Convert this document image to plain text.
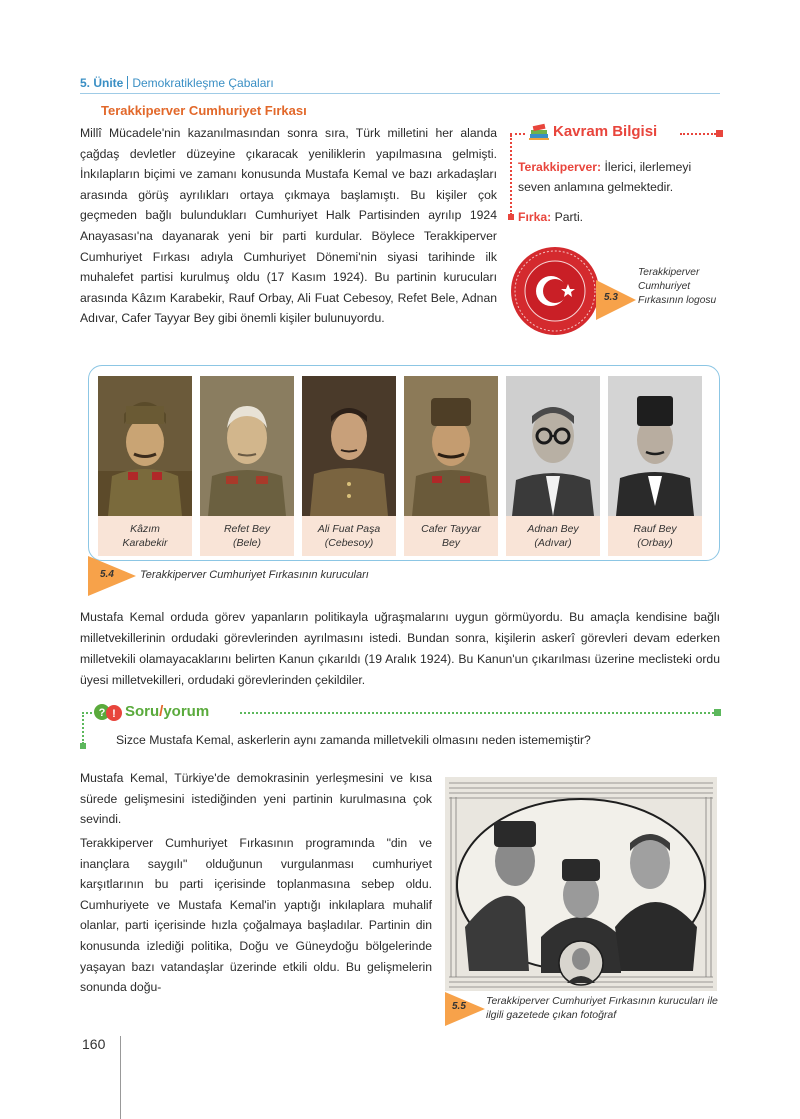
5. Ünite Demokratikleşme Çabaları
Terakkiperver Cumhuriyet Fırkası
Millî Mücadele'nin kazanılmasından sonra sıra, Türk milletini her alanda çağdaş devletler düzeyine çıkaracak yeniliklerin yapılmasına gelmişti. İnkılapların biçimi ve zamanı konusunda Mustafa Kemal ve bazı arkadaşları arasında görüş ayrılıkları ortaya çıkmaya başlamıştı. Bu kişiler çok geçmeden bağlı bulundukları Cumhuriyet Halk Partisinden ayrılıp 1924 Anayasası'na dayanarak yeni bir parti kurdular. Böylece Terakkiperver Cumhuriyet Fırkası adıyla Cumhuriyet Dönemi'nin siyasi tarihinde ilk muhalefet partisi kurulmuş oldu (17 Kasım 1924). Bu partinin kurucuları arasında Kâzım Karabekir, Rauf Orbay, Ali Fuat Cebesoy, Refet Bele, Adnan Adıvar, Cafer Tayyar Bey gibi önemli kişiler bulunuyordu.
Kavram Bilgisi
Terakkiperver: İlerici, ilerlemeyi seven anlamına gelmektedir.
Fırka: Parti.
5.3
Terakkiperver Cumhuriyet Fırkasının logosu
Kâzım
Karabekir
Refet Bey
(Bele)
Ali Fuat Paşa
(Cebesoy)
Cafer Tayyar
Bey
Adnan Bey
(Adıvar)
Rauf Bey
(Orbay)
5.4 Terakkiperver Cumhuriyet Fırkasının kurucuları
Mustafa Kemal orduda görev yapanların politikayla uğraşmalarını uygun görmüyordu. Bu amaçla kendisine bağlı milletvekillerinin ordudaki görevlerinden ayrılmasını istedi. Bundan sonra, kişilerin askerî görevleri devam ederken milletvekili olamayacaklarını belirten Kanun çıkarıldı (19 Aralık 1924). Bu Kanun'un çıkarılması üzerine meclisteki ordu üyesi milletvekilleri, ordudaki görevlerinden çekildiler.
? ! Soru/yorum
Sizce Mustafa Kemal, askerlerin aynı zamanda milletvekili olmasını neden istememiştir?
Mustafa Kemal, Türkiye'de demokrasinin yerleşmesini ve kısa sürede gelişmesini istediğinden yeni partinin kurulmasına çok sevindi.
Terakkiperver Cumhuriyet Fırkasının programında "din ve inançlara saygılı" olduğunun vurgulanması cumhuriyet karşıtlarının bu parti içerisinde toplanmasına sebep oldu. Cumhuriyete ve Mustafa Kemal'in yaptığı inkılaplara muhalif olanlar, parti içerisinde hızla çoğalmaya başladılar. Partinin din konusunda izlediği politika, Doğu ve Güneydoğu bölgelerinde yaşayan bazı vatandaşlar üzerinde etkili oldu. Bu gelişmelerin sonunda doğu-
5.5 Terakkiperver Cumhuriyet Fırkasının kurucuları ile ilgili gazetede çıkan fotoğraf
160
